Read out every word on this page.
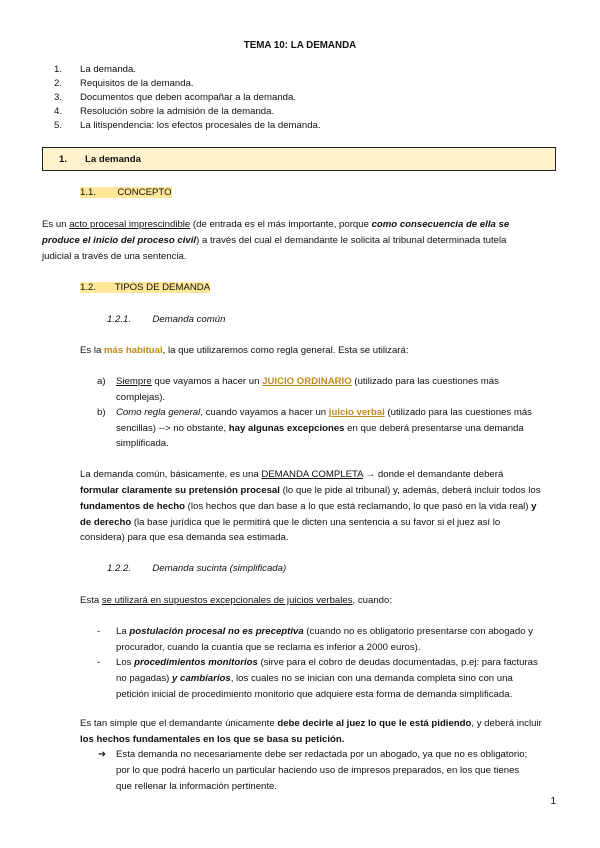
TEMA 10: LA DEMANDA
1. La demanda.
2. Requisitos de la demanda.
3. Documentos que deben acompañar a la demanda.
4. Resolución sobre la admisión de la demanda.
5. La litispendencia: los efectos procesales de la demanda.
1. La demanda
1.1. CONCEPTO
Es un acto procesal imprescindible (de entrada es el más importante, porque como consecuencia de ella se
produce el inicio del proceso civil) a través del cual el demandante le solicita al tribunal determinada tutela
judicial a través de una sentencia.
1.2. TIPOS DE DEMANDA
1.2.1. Demanda común
Es la más habitual, la que utilizaremos como regla general. Esta se utilizará:
a) Siempre que vayamos a hacer un JUICIO ORDINARIO (utilizado para las cuestiones más
complejas).
b) Como regla general, cuando vayamos a hacer un juicio verbal (utilizado para las cuestiones más
sencillas) --> no obstante, hay algunas excepciones en que deberá presentarse una demanda
simplificada.
La demanda común, básicamente, es una DEMANDA COMPLETA → donde el demandante deberá
formular claramente su pretensión procesal (lo que le pide al tribunal) y, además, deberá incluir todos los
fundamentos de hecho (los hechos que dan base a lo que está reclamando, lo que pasó en la vida real) y
de derecho (la base jurídica que le permitirá que le dicten una sentencia a su favor si el juez así lo
considera) para que esa demanda sea estimada.
1.2.2. Demanda sucinta (simplificada)
Esta se utilizará en supuestos excepcionales de juicios verbales, cuando:
- La postulación procesal no es preceptiva (cuando no es obligatorio presentarse con abogado y
procurador, cuando la cuantía que se reclama es inferior a 2000 euros).
- Los procedimientos monitorios (sirve para el cobro de deudas documentadas, p.ej: para facturas
no pagadas) y cambiarios, los cuales no se inician con una demanda completa sino con una
petición inicial de procedimiento monitorio que adquiere esta forma de demanda simplificada.
Es tan simple que el demandante únicamente debe decirle al juez lo que le está pidiendo, y deberá incluir
los hechos fundamentales en los que se basa su petición.
➔ Esta demanda no necesariamente debe ser redactada por un abogado, ya que no es obligatorio;
por lo que podrá hacerlo un particular haciendo uso de impresos preparados, en los que tienes
que rellenar la información pertinente.
1
